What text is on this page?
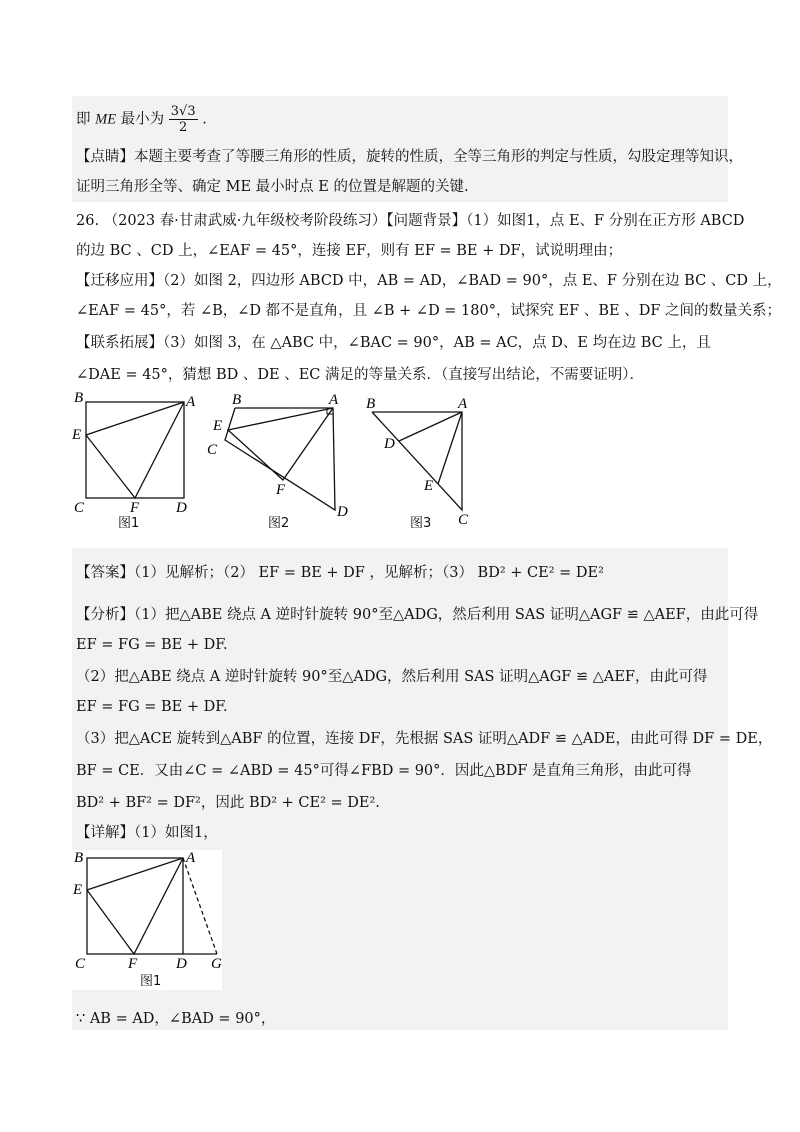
即 ME 最小为 $\frac{3√3}{2}$ .
【点睛】本题主要考查了等腰三角形的性质，旋转的性质，全等三角形的判定与性质，勾股定理等知识，
证明三角形全等、确定 ME 最小时点 E 的位置是解题的关键.
26. （2023 春·甘肃武威·九年级校考阶段练习）【问题背景】（1）如图1，点 E、F 分别在正方形 ABCD
的边 BC 、CD 上，∠EAF = 45°，连接 EF，则有 EF = BE + DF，试说明理由；
【迁移应用】（2）如图 2，四边形 ABCD 中，AB = AD，∠BAD = 90°，点 E、F 分别在边 BC 、CD 上，
∠EAF = 45°，若 ∠B，∠D 都不是直角，且 ∠B + ∠D = 180°，试探究 EF 、BE 、DF 之间的数量关系；
【联系拓展】（3）如图 3，在 △ABC 中，∠BAC = 90°，AB = AC，点 D、E 均在边 BC 上，且
∠DAE = 45°，猜想 BD 、DE 、EC 满足的等量关系．（直接写出结论，不需要证明）．
B	A
E
C	F D
图1
B	A
E
C
F
D
图2
B	A
D
E
C
图3
【答案】（1）见解析；（2） EF = BE + DF ，见解析；（3） BD² + CE² = DE²
【分析】（1）把△ABE 绕点 A 逆时针旋转 90°至△ADG，然后利用 SAS 证明△AGF ≌ △AEF，由此可得
EF = FG = BE + DF.
（2）把△ABE 绕点 A 逆时针旋转 90°至△ADG，然后利用 SAS 证明△AGF ≌ △AEF，由此可得
EF = FG = BE + DF.
（3）把△ACE 旋转到△ABF 的位置，连接 DF，先根据 SAS 证明△ADF ≌ △ADE，由此可得 DF = DE，
BF = CE．又由∠C = ∠ABD = 45°可得∠FBD = 90°．因此△BDF 是直角三角形，由此可得
BD² + BF² = DF²，因此 BD² + CE² = DE².
【详解】（1）如图1，
B	A
E
C	F	D G
图1
∵ AB = AD，∠BAD = 90°，
